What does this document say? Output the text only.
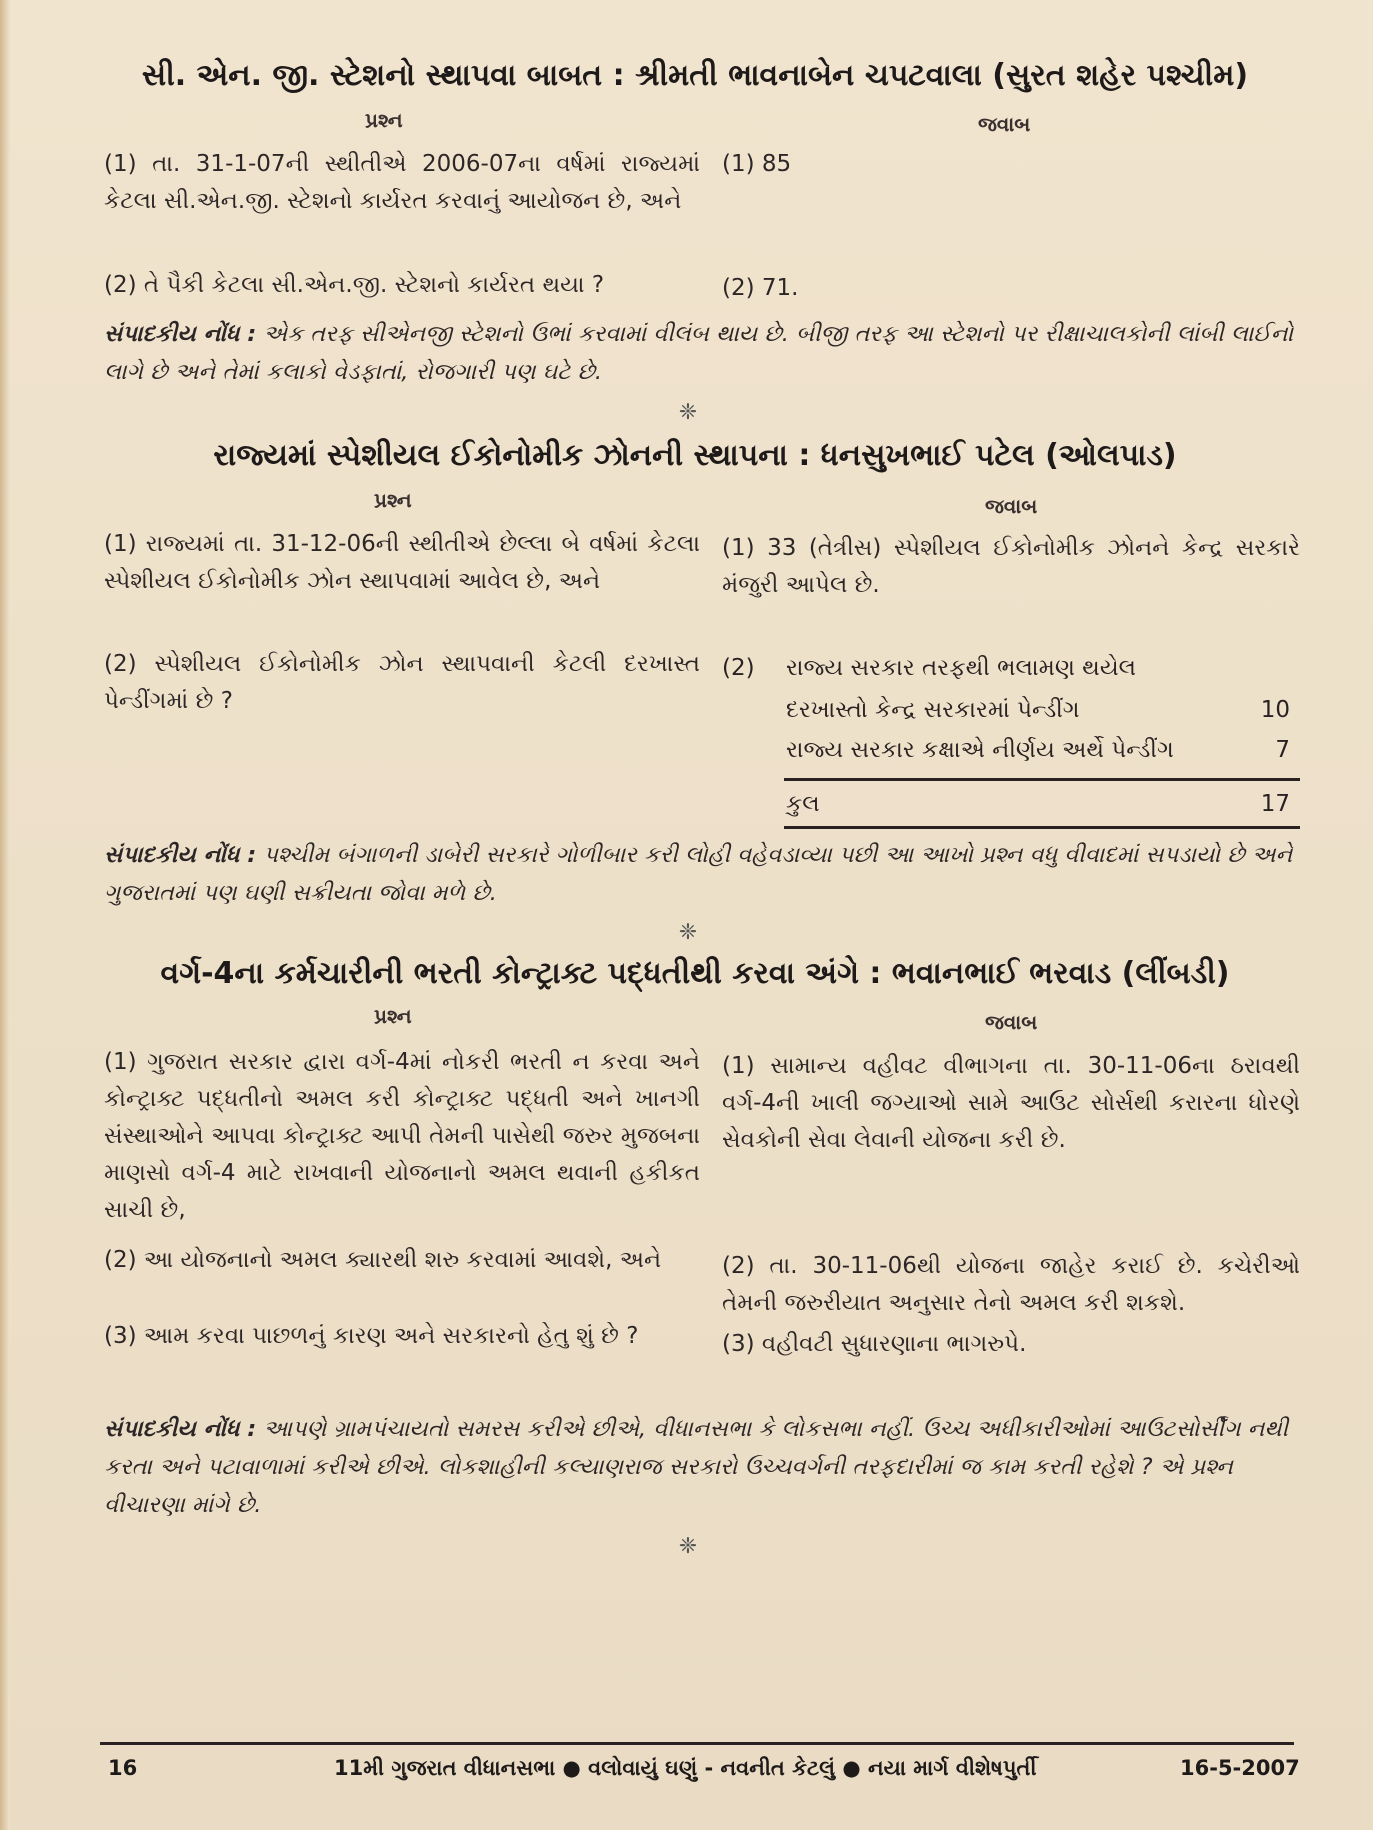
સી. એન. જી. સ્ટેશનો સ્થાપવા બાબત : શ્રીમતી ભાવનાબેન ચપટવાલા (સુરત શહેર પશ્ચીમ)
પ્રશ્ન	જવાબ
(1) તા. 31-1-07ની સ્થીતીએ 2006-07ના વર્ષમાં રાજ્યમાં કેટલા સી.એન.જી. સ્ટેશનો કાર્યરત કરવાનું આયોજન છે, અને
(1) 85
(2) તે પૈકી કેટલા સી.એન.જી. સ્ટેશનો કાર્યરત થયા ?	(2) 71.
સંપાદકીય નોંધ : એક તરફ સીએનજી સ્ટેશનો ઉભાં કરવામાં વીલંબ થાય છે. બીજી તરફ આ સ્ટેશનો પર રીક્ષાચાલકોની લાંબી લાઈનો લાગે છે અને તેમાં કલાકો વેડફાતાં, રોજગારી પણ ઘટે છે.
❈
રાજ્યમાં સ્પેશીયલ ઈકોનોમીક ઝોનની સ્થાપના : ધનસુખભાઈ પટેલ (ઓલપાડ)
પ્રશ્ન	જવાબ
(1) રાજ્યમાં તા. 31-12-06ની સ્થીતીએ છેલ્લા બે વર્ષમાં કેટલા સ્પેશીયલ ઈકોનોમીક ઝોન સ્થાપવામાં આવેલ છે, અને
(1) 33 (તેત્રીસ) સ્પેશીયલ ઈકોનોમીક ઝોનને કેન્દ્ર સરકારે મંજુરી આપેલ છે.
(2) સ્પેશીયલ ઈકોનોમીક ઝોન સ્થાપવાની કેટલી દરખાસ્ત પેન્ડીંગમાં છે ?
(2) રાજ્ય સરકાર તરફથી ભલામણ થયેલ
દરખાસ્તો કેન્દ્ર સરકારમાં પેન્ડીંગ	10
રાજ્ય સરકાર કક્ષાએ નીર્ણય અર્થે પેન્ડીંગ	7
કુલ	17
સંપાદકીય નોંધ : પશ્ચીમ બંગાળની ડાબેરી સરકારે ગોળીબાર કરી લોહી વહેવડાવ્યા પછી આ આખો પ્રશ્ન વધુ વીવાદમાં સપડાયો છે અને ગુજરાતમાં પણ ઘણી સક્રીયતા જોવા મળે છે.
❈
વર્ગ-4ના કર્મચારીની ભરતી કોન્ટ્રાક્ટ પદ્ધતીથી કરવા અંગે : ભવાનભાઈ ભરવાડ (લીંબડી)
પ્રશ્ન	જવાબ
(1) ગુજરાત સરકાર દ્વારા વર્ગ-4માં નોકરી ભરતી ન કરવા અને કોન્ટ્રાક્ટ પદ્ધતીનો અમલ કરી કોન્ટ્રાક્ટ પદ્ધતી અને ખાનગી સંસ્થાઓને આપવા કોન્ટ્રાક્ટ આપી તેમની પાસેથી જરુર મુજબના માણસો વર્ગ-4 માટે રાખવાની યોજનાનો અમલ થવાની હકીકત સાચી છે,
(1) સામાન્ય વહીવટ વીભાગના તા. 30-11-06ના ઠરાવથી વર્ગ-4ની ખાલી જગ્યાઓ સામે આઉટ સોર્સથી કરારના ધોરણે સેવકોની સેવા લેવાની યોજના કરી છે.
(2) આ યોજનાનો અમલ ક્યારથી શરુ કરવામાં આવશે, અને	(2) તા. 30-11-06થી યોજના જાહેર કરાઈ છે. કચેરીઓ તેમની જરુરીયાત અનુસાર તેનો અમલ કરી શકશે.
(3) આમ કરવા પાછળનું કારણ અને સરકારનો હેતુ શું છે ?	(3) વહીવટી સુધારણાના ભાગરુપે.
સંપાદકીય નોંધ : આપણે ગ્રામપંચાયતો સમરસ કરીએ છીએ, વીધાનસભા કે લોકસભા નહીં. ઉચ્ચ અધીકારીઓમાં આઉટસોર્સીંગ નથી કરતા અને પટાવાળામાં કરીએ છીએ. લોકશાહીની કલ્યાણરાજ સરકારો ઉચ્ચવર્ગની તરફદારીમાં જ કામ કરતી રહેશે ? એ પ્રશ્ન વીચારણા માંગે છે.
❈
16	11મી ગુજરાત વીધાનસભા ● વલોવાયું ઘણું - નવનીત કેટલું ● નયા માર્ગ વીશેષપુર્તી	16-5-2007
